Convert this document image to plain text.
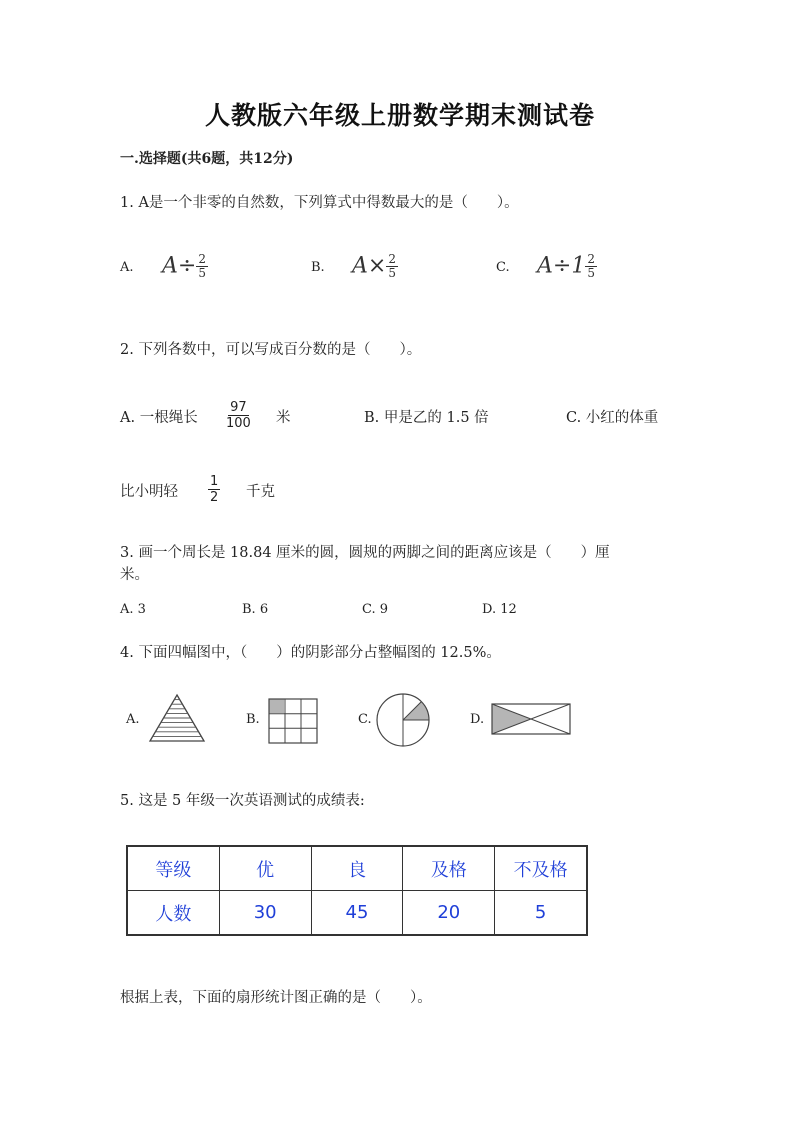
人教版六年级上册数学期末测试卷
一.选择题(共6题，共12分)
1. A是一个非零的自然数，下列算式中得数最大的是（　　）。
A. $A\div \frac{2}{5}$	B. $A\times \frac{2}{5}$	C. $A\div 1 \frac{2}{5}$
2. 下列各数中，可以写成百分数的是（　　）。
A. 一根绳长 $\frac{97}{100}$ 米	B. 甲是乙的 1.5 倍	C. 小红的体重
比小明轻 $\frac{1}{2}$ 千克
3. 画一个周长是 18.84 厘米的圆，圆规的两脚之间的距离应该是（　　）厘
米。
A. 3	B. 6	C. 9	D. 12
4. 下面四幅图中，（　　）的阴影部分占整幅图的 12.5%。
A.	B.	C.	D.
5. 这是 5 年级一次英语测试的成绩表:
等级	优	良	及格	不及格
人数	30	45	20	5
根据上表，下面的扇形统计图正确的是（　　）。
